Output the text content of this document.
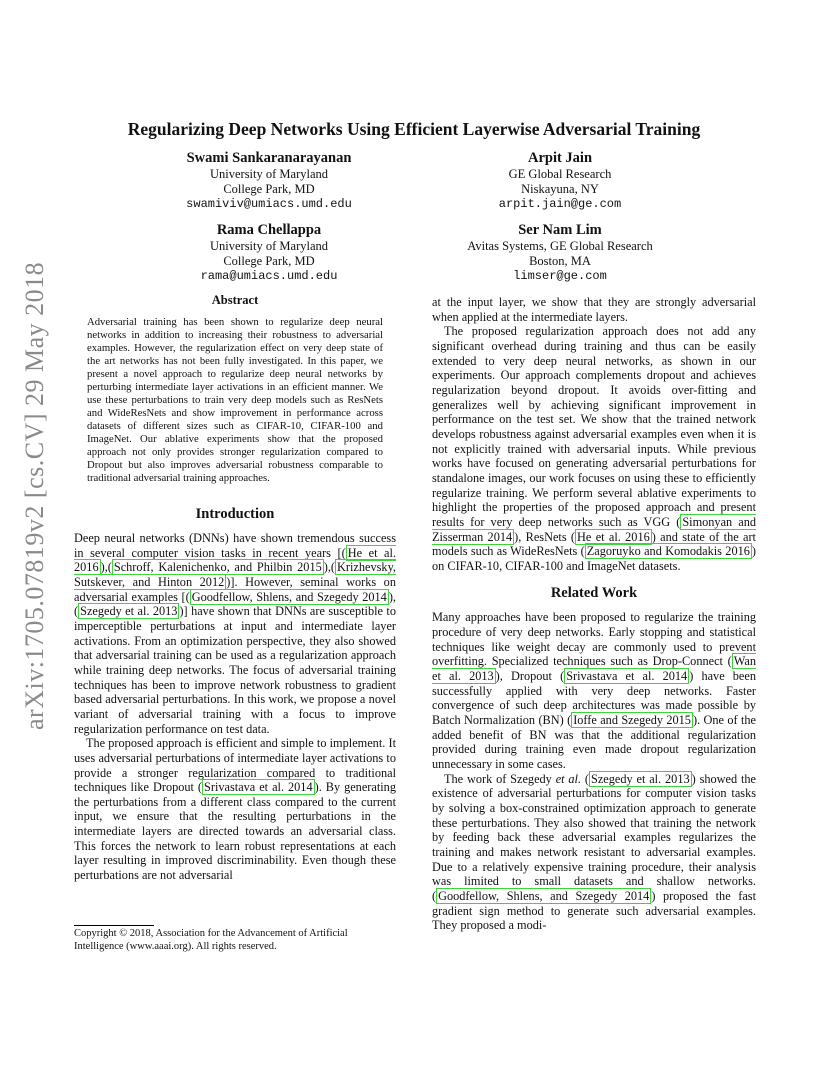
arXiv:1705.07819v2 [cs.CV] 29 May 2018
Regularizing Deep Networks Using Efficient Layerwise Adversarial Training
Swami Sankaranarayanan
University of Maryland
College Park, MD
swamiviv@umiacs.umd.edu
Arpit Jain
GE Global Research
Niskayuna, NY
arpit.jain@ge.com
Rama Chellappa
University of Maryland
College Park, MD
rama@umiacs.umd.edu
Ser Nam Lim
Avitas Systems, GE Global Research
Boston, MA
limser@ge.com
Abstract
Adversarial training has been shown to regularize deep neural networks in addition to increasing their robustness to adversarial examples. However, the regularization effect on very deep state of the art networks has not been fully investigated. In this paper, we present a novel approach to regularize deep neural networks by perturbing intermediate layer activations in an efficient manner. We use these perturbations to train very deep models such as ResNets and WideResNets and show improvement in performance across datasets of different sizes such as CIFAR-10, CIFAR-100 and ImageNet. Our ablative experiments show that the proposed approach not only provides stronger regularization compared to Dropout but also improves adversarial robustness comparable to traditional adversarial training approaches.
Introduction

Deep neural networks (DNNs) have shown tremendous success in several computer vision tasks in recent years [( He et al. 2016 ),( Schroff, Kalenichenko, and Philbin 2015 ),( Krizhevsky, Sutskever, and Hinton 2012 )]. However, seminal works on adversarial examples [( Goodfellow, Shlens, and Szegedy 2014 ), ( Szegedy et al. 2013 )] have shown that DNNs are susceptible to imperceptible perturbations at input and intermediate layer activations. From an optimization perspective, they also showed that adversarial training can be used as a regularization approach while training deep networks. The focus of adversarial training techniques has been to improve network robustness to gradient based adversarial perturbations. In this work, we propose a novel variant of adversarial training with a focus to improve regularization performance on test data.

The proposed approach is efficient and simple to implement. It uses adversarial perturbations of intermediate layer activations to provide a stronger regularization compared to traditional techniques like Dropout ( Srivastava et al. 2014 ). By generating the perturbations from a different class compared to the current input, we ensure that the resulting perturbations in the intermediate layers are directed towards an adversarial class. This forces the network to learn robust representations at each layer resulting in improved discriminability. Even though these perturbations are not adversarial

Copyright © 2018, Association for the Advancement of Artificial Intelligence (www.aaai.org). All rights reserved.

at the input layer, we show that they are strongly adversarial when applied at the intermediate layers.

The proposed regularization approach does not add any significant overhead during training and thus can be easily extended to very deep neural networks, as shown in our experiments. Our approach complements dropout and achieves regularization beyond dropout. It avoids over-fitting and generalizes well by achieving significant improvement in performance on the test set. We show that the trained network develops robustness against adversarial examples even when it is not explicitly trained with adversarial inputs. While previous works have focused on generating adversarial perturbations for standalone images, our work focuses on using these to efficiently regularize training. We perform several ablative experiments to highlight the properties of the proposed approach and present results for very deep networks such as VGG ( Simonyan and Zisserman 2014 ), ResNets ( He et al. 2016 ) and state of the art models such as WideResNets ( Zagoruyko and Komodakis 2016 ) on CIFAR-10, CIFAR-100 and ImageNet datasets.

Related Work

Many approaches have been proposed to regularize the training procedure of very deep networks. Early stopping and statistical techniques like weight decay are commonly used to prevent overfitting. Specialized techniques such as Drop-Connect ( Wan et al. 2013 ), Dropout ( Srivastava et al. 2014 ) have been successfully applied with very deep networks. Faster convergence of such deep architectures was made possible by Batch Normalization (BN) ( Ioffe and Szegedy 2015 ). One of the added benefit of BN was that the additional regularization provided during training even made dropout regularization unnecessary in some cases.

The work of Szegedy et al. ( Szegedy et al. 2013 ) showed the existence of adversarial perturbations for computer vision tasks by solving a box-constrained optimization approach to generate these perturbations. They also showed that training the network by feeding back these adversarial examples regularizes the training and makes network resistant to adversarial examples. Due to a relatively expensive training procedure, their analysis was limited to small datasets and shallow networks. ( Goodfellow, Shlens, and Szegedy 2014 ) proposed the fast gradient sign method to generate such adversarial examples. They proposed a modi-
